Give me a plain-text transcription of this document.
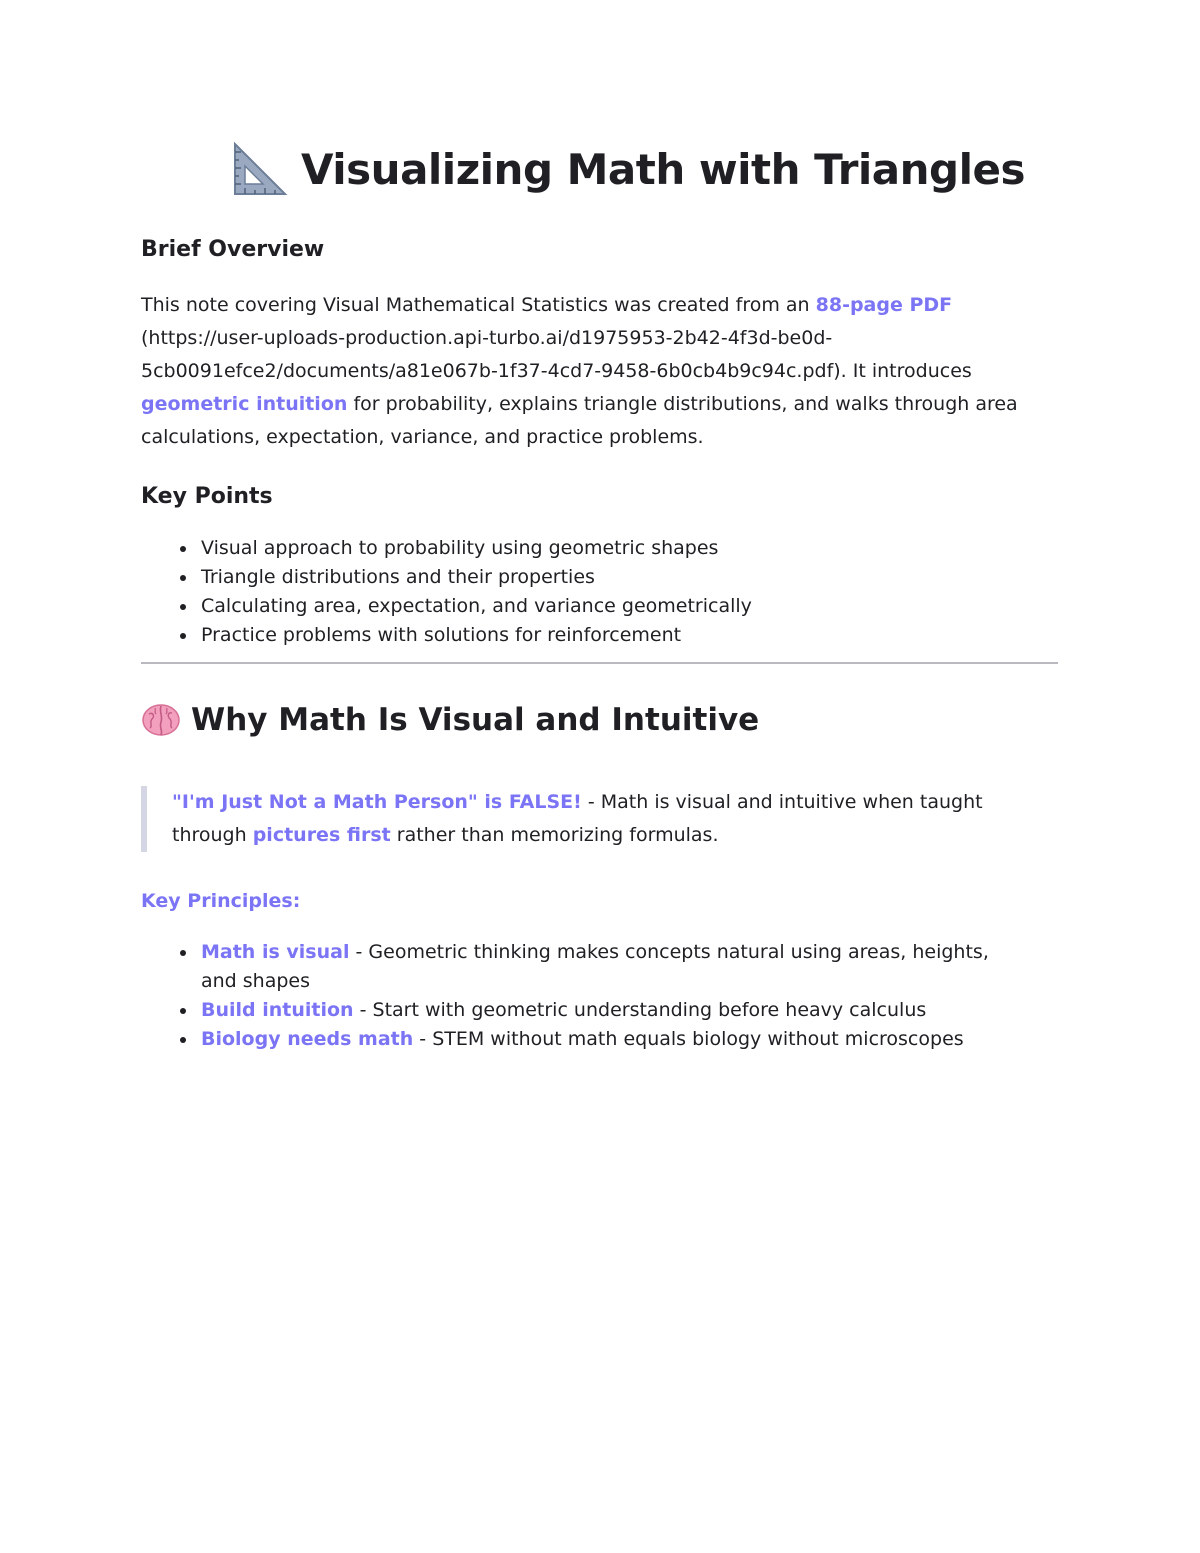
Visualizing Math with Triangles
Brief Overview

This note covering Visual Mathematical Statistics was created from an 88-page PDF
(https://user-uploads-production.api-turbo.ai/d1975953-2b42-4f3d-be0d-5cb0091efce2/documents/a81e067b-1f37-4cd7-9458-6b0cb4b9c94c.pdf). It introduces geometric intuition for probability, explains triangle distributions, and walks through area calculations, expectation, variance, and practice problems.

Key Points
Visual approach to probability using geometric shapes
Triangle distributions and their properties
Calculating area, expectation, and variance geometrically
Practice problems with solutions for reinforcement
Why Math Is Visual and Intuitive
"I'm Just Not a Math Person" is FALSE! - Math is visual and intuitive when taught through pictures first rather than memorizing formulas.

Key Principles:

Math is visual - Geometric thinking makes concepts natural using areas, heights, and shapes
Build intuition - Start with geometric understanding before heavy calculus
Biology needs math - STEM without math equals biology without microscopes
